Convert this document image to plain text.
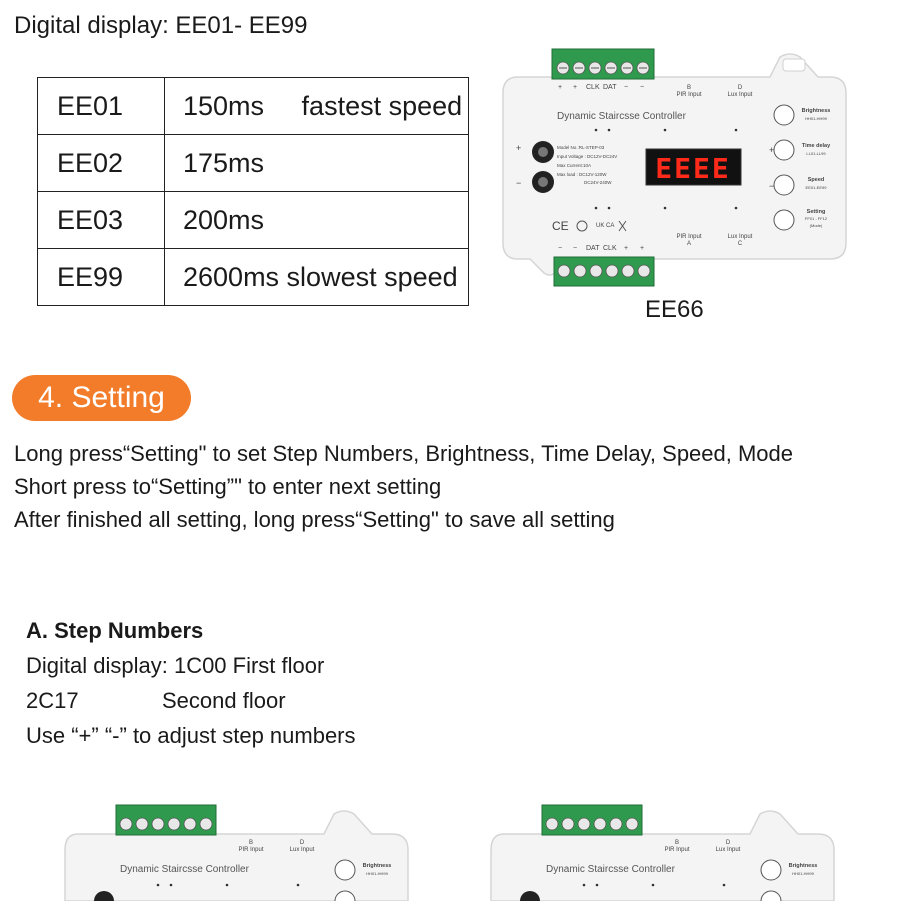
Digital display: EE01- EE99
EE01	150ms     fastest speed
EE02	175ms
EE03	200ms
EE99	2600ms slowest speed
+ + CLK DAT − −	B
PIR Input
D
Lux Input
Dynamic Staircsse Controller
+
−
Model No.:RL-STEP-03
Input Voltage : DC12V-DC24V
Max Current:10A
Max load : DC12V-120W
DC24V-240W EEEE
CE	UK CA
+
−
Brightness
Time delay
Speed
Setting
HH01-HH99
LL01-LL99
EE01-EE99
FF01 - FF12
(Mode)
PIR Input
A
Lux Input
C
− − DAT CLK + +
EE66
4. Setting
Long press“Setting" to set Step Numbers, Brightness, Time Delay, Speed, Mode
Short press to“Setting”" to enter next setting
After finished all setting, long press“Setting" to save all setting
A. Step Numbers
Digital display: 1C00 First floor
2C17	Second floor
Use “+” “-” to adjust step numbers
Dynamic Staircsse Controller	Brightness
HH01-HH99
B
PIR Input
D
Lux Input
Dynamic Staircsse Controller	Brightness
HH01-HH99
B
PIR Input
D
Lux Input
